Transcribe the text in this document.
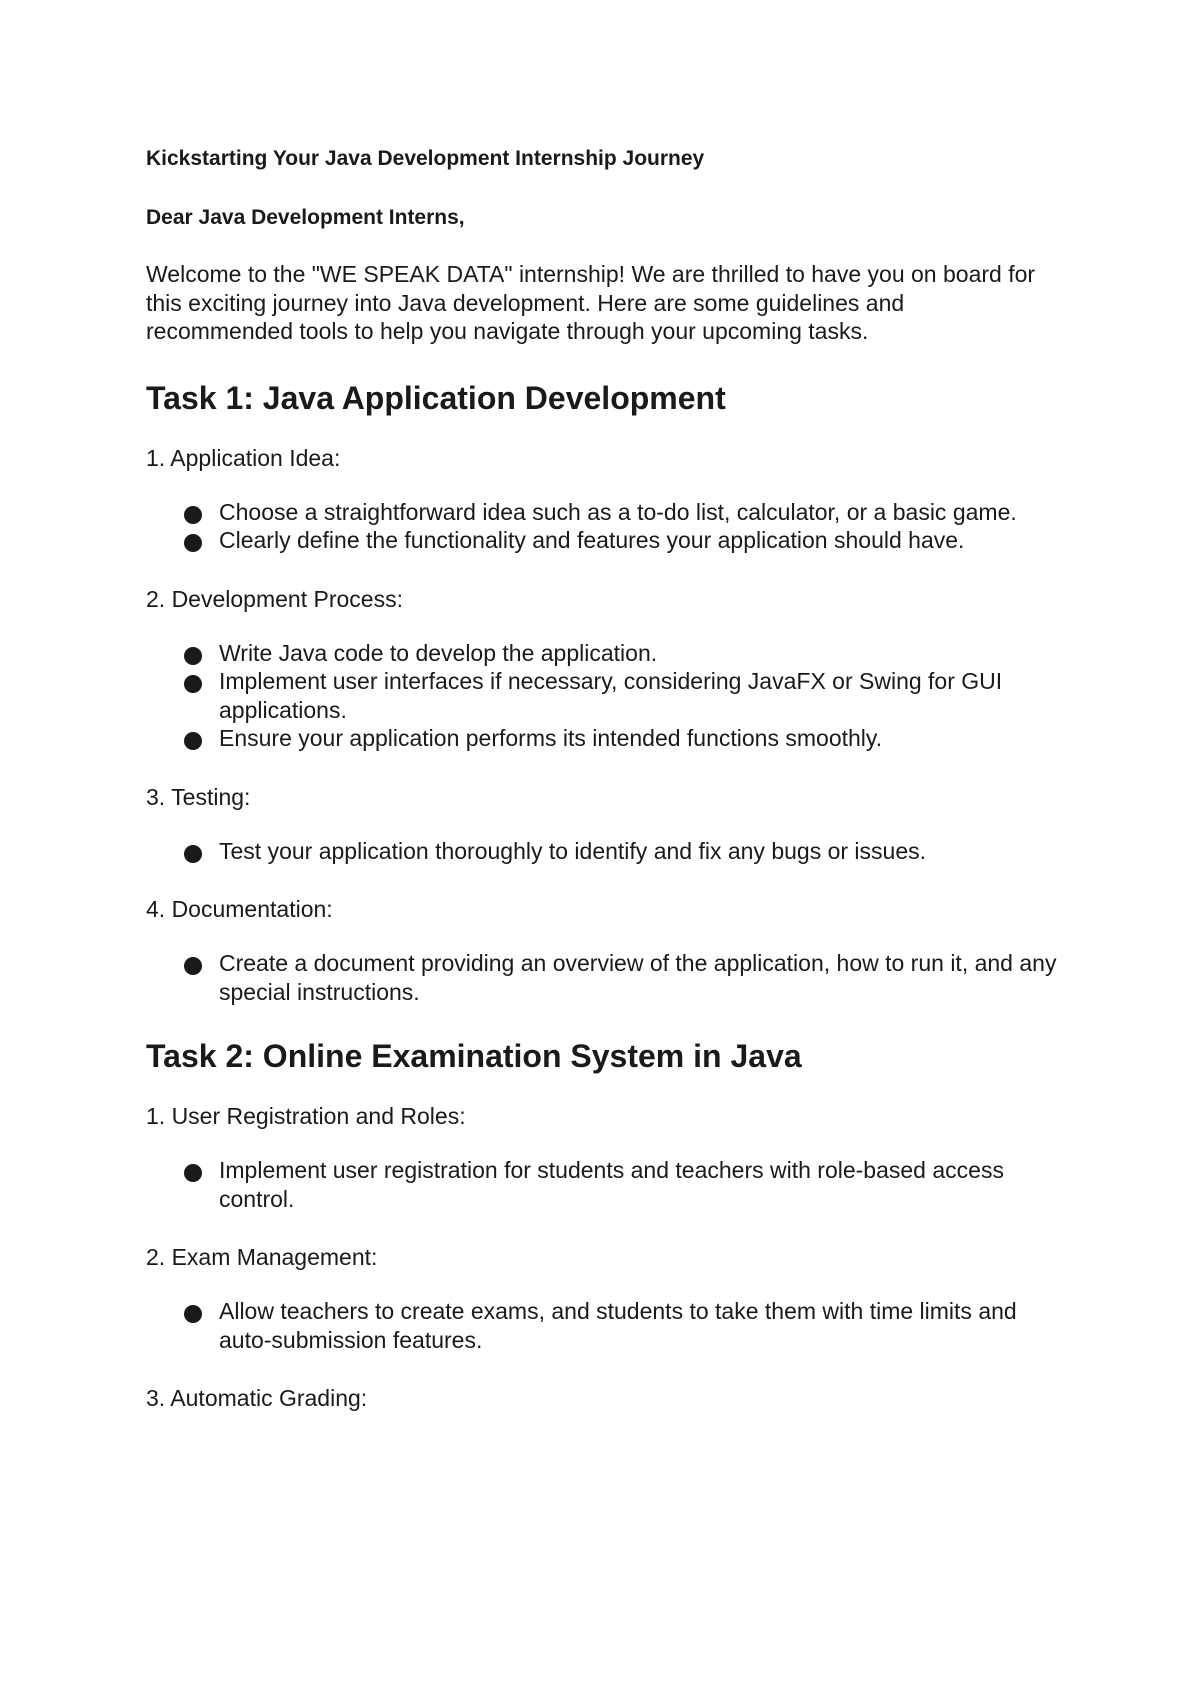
Kickstarting Your Java Development Internship Journey
Dear Java Development Interns,

Welcome to the "WE SPEAK DATA" internship! We are thrilled to have you on board for this exciting journey into Java development. Here are some guidelines and recommended tools to help you navigate through your upcoming tasks.

Task 1: Java Application Development
1. Application Idea:
Choose a straightforward idea such as a to-do list, calculator, or a basic game.
Clearly define the functionality and features your application should have.
2. Development Process:
Write Java code to develop the application.
Implement user interfaces if necessary, considering JavaFX or Swing for GUI applications.
Ensure your application performs its intended functions smoothly.
3. Testing:
Test your application thoroughly to identify and fix any bugs or issues.
4. Documentation:
Create a document providing an overview of the application, how to run it, and any special instructions.
Task 2: Online Examination System in Java
1. User Registration and Roles:
Implement user registration for students and teachers with role-based access control.
2. Exam Management:
Allow teachers to create exams, and students to take them with time limits and auto-submission features.
3. Automatic Grading:
